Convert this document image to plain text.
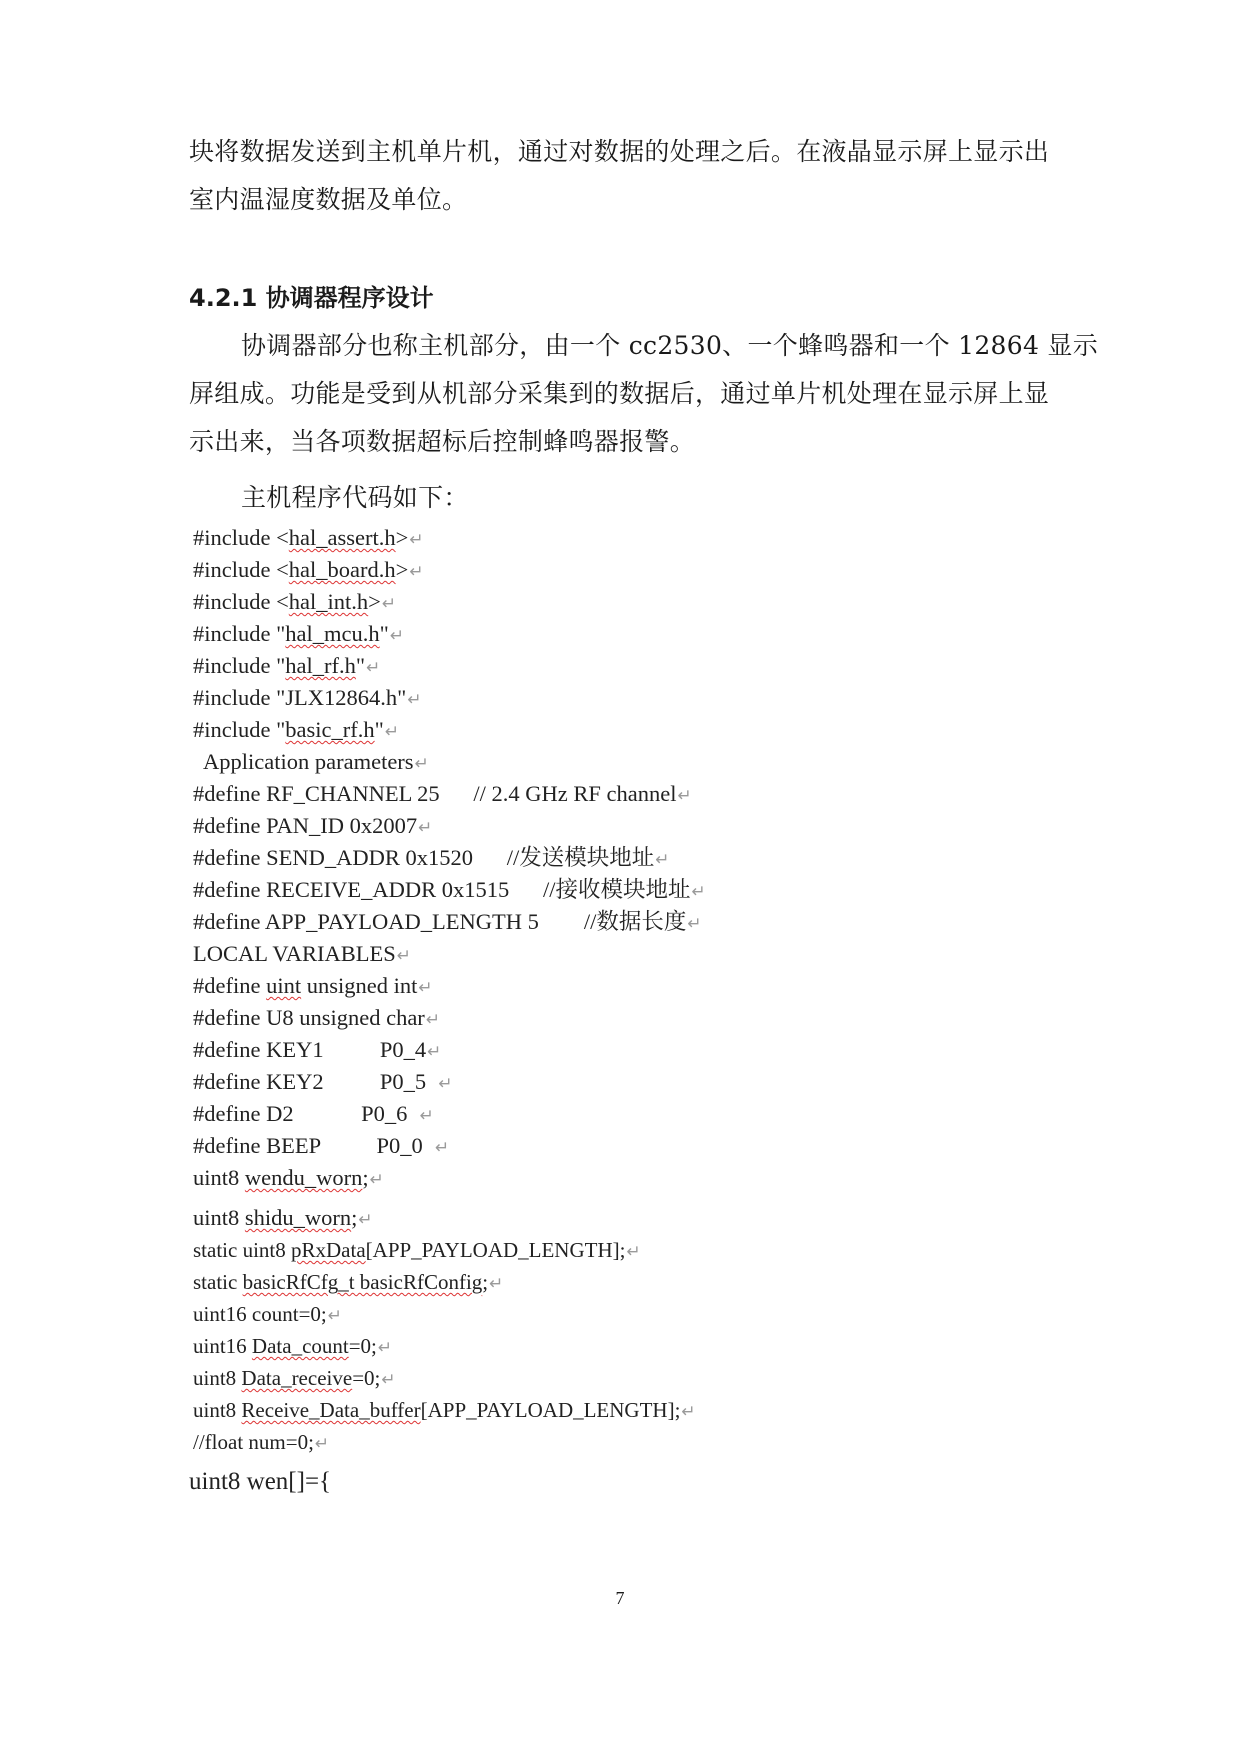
块将数据发送到主机单片机，通过对数据的处理之后。在液晶显示屏上显示出
室内温湿度数据及单位。
4.2.1 协调器程序设计
协调器部分也称主机部分，由一个 cc2530、一个蜂鸣器和一个 12864 显示
屏组成。功能是受到从机部分采集到的数据后，通过单片机处理在显示屏上显
示出来，当各项数据超标后控制蜂鸣器报警。
主机程序代码如下：
#include <hal_assert.h>↵
#include <hal_board.h>↵
#include <hal_int.h>↵
#include "hal_mcu.h"↵
#include "hal_rf.h"↵
#include "JLX12864.h"↵
#include "basic_rf.h"↵
Application parameters↵
#define RF_CHANNEL 25      // 2.4 GHz RF channel↵
#define PAN_ID 0x2007↵
#define SEND_ADDR 0x1520      //发送模块地址↵
#define RECEIVE_ADDR 0x1515      //接收模块地址↵
#define APP_PAYLOAD_LENGTH 5        //数据长度↵
LOCAL VARIABLES↵
#define uint unsigned int↵
#define U8 unsigned char↵
#define KEY1          P0_4↵
#define KEY2          P0_5  ↵
#define D2            P0_6  ↵
#define BEEP          P0_0  ↵
uint8 wendu_worn;↵
uint8 shidu_worn;↵
static uint8 pRxData[APP_PAYLOAD_LENGTH];↵
static basicRfCfg_t basicRfConfig;↵
uint16 count=0;↵
uint16 Data_count=0;↵
uint8 Data_receive=0;↵
uint8 Receive_Data_buffer[APP_PAYLOAD_LENGTH];↵
//float num=0;↵
uint8 wen[]={
7
